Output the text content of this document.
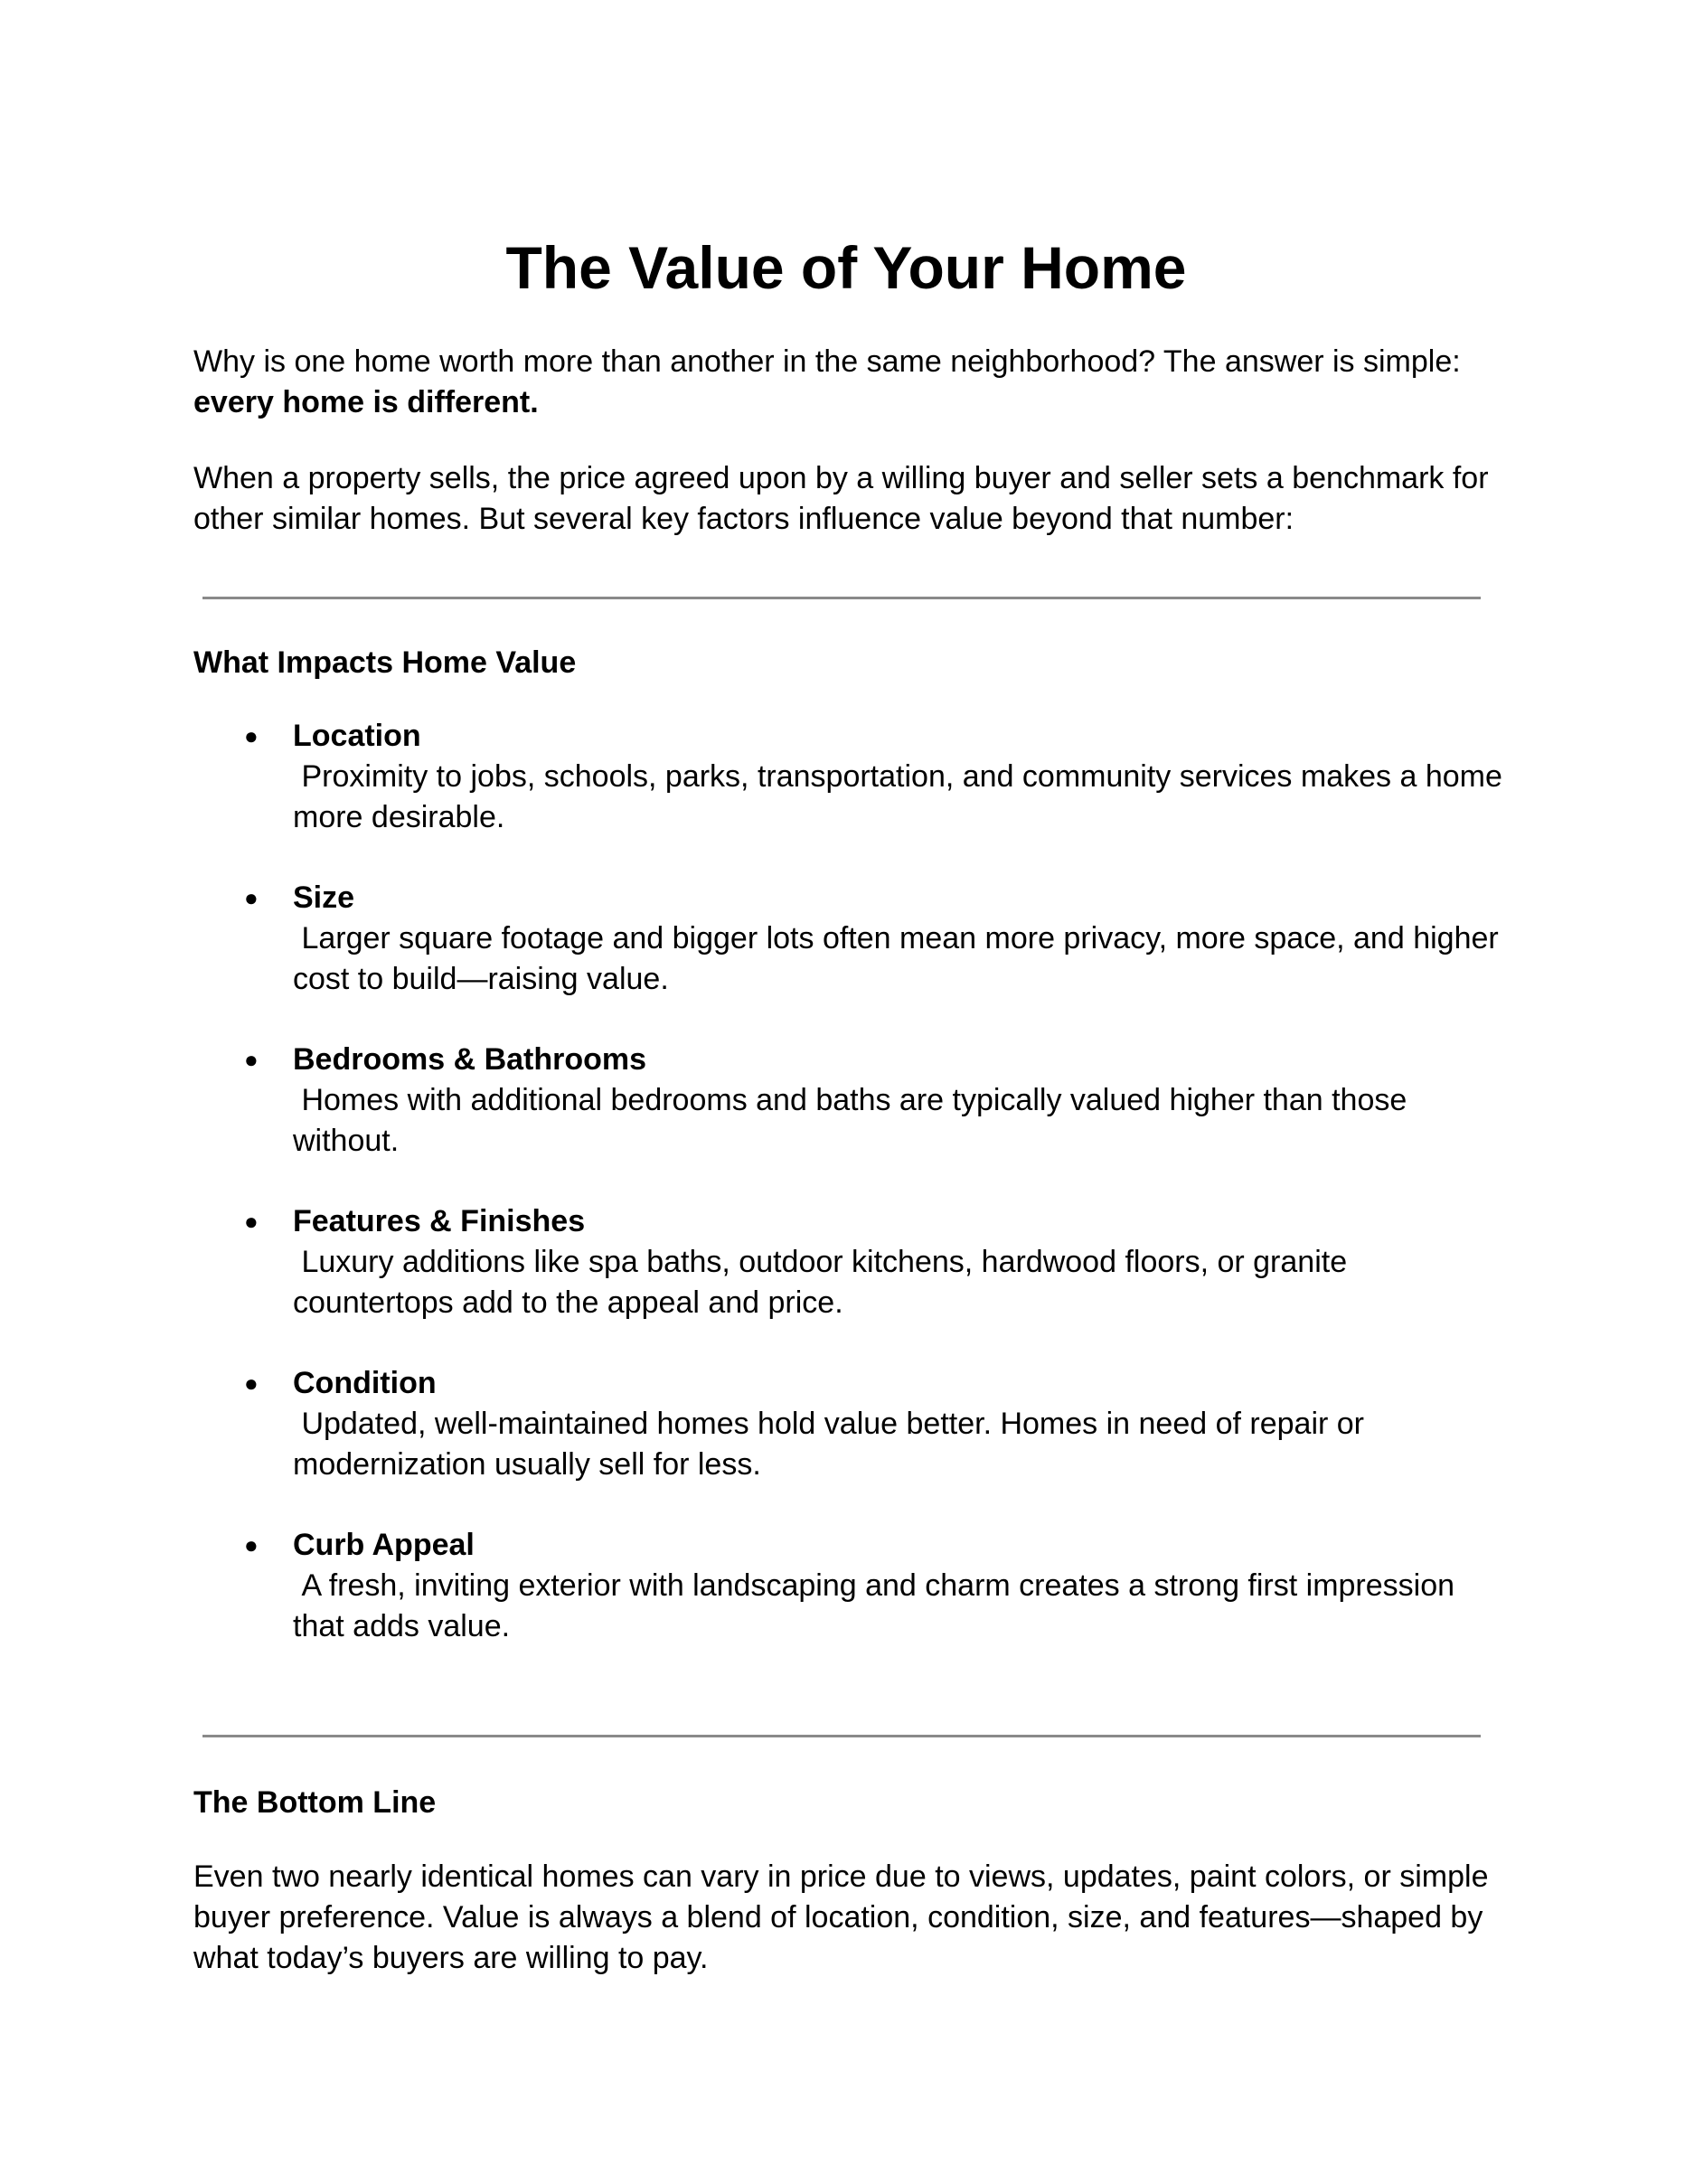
The Value of Your Home

Why is one home worth more than another in the same neighborhood? The answer is simple:
every home is different.

When a property sells, the price agreed upon by a willing buyer and seller sets a benchmark for other similar homes. But several key factors influence value beyond that number:

What Impacts Home Value
● Location
Proximity to jobs, schools, parks, transportation, and community services makes a home more desirable.
● Size
Larger square footage and bigger lots often mean more privacy, more space, and higher cost to build—raising value.
● Bedrooms & Bathrooms
Homes with additional bedrooms and baths are typically valued higher than those without.
● Features & Finishes
Luxury additions like spa baths, outdoor kitchens, hardwood floors, or granite countertops add to the appeal and price.
● Condition
Updated, well-maintained homes hold value better. Homes in need of repair or modernization usually sell for less.
● Curb Appeal
A fresh, inviting exterior with landscaping and charm creates a strong first impression that adds value.
The Bottom Line

Even two nearly identical homes can vary in price due to views, updates, paint colors, or simple buyer preference. Value is always a blend of location, condition, size, and features—shaped by what today’s buyers are willing to pay.
